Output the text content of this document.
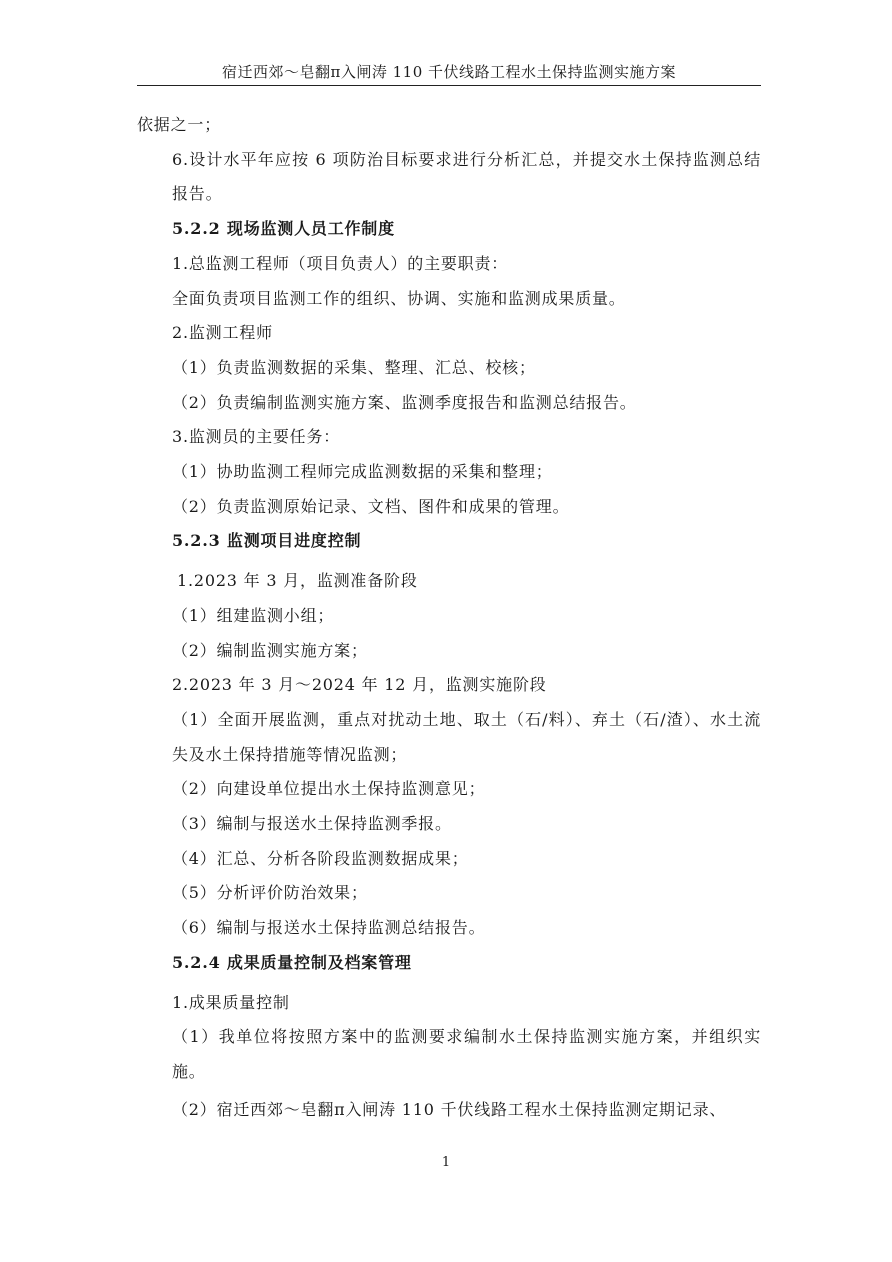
宿迁西郊～皂翻π入闸涛 110 千伏线路工程水土保持监测实施方案

依据之一；

6.设计水平年应按 6 项防治目标要求进行分析汇总，并提交水土保持监测总结报告。

5.2.2 现场监测人员工作制度

1.总监测工程师（项目负责人）的主要职责：

全面负责项目监测工作的组织、协调、实施和监测成果质量。

2.监测工程师

（1）负责监测数据的采集、整理、汇总、校核；

（2）负责编制监测实施方案、监测季度报告和监测总结报告。

3.监测员的主要任务：

（1）协助监测工程师完成监测数据的采集和整理；

（2）负责监测原始记录、文档、图件和成果的管理。

5.2.3 监测项目进度控制

1.2023 年 3 月，监测准备阶段

（1）组建监测小组；

（2）编制监测实施方案；

2.2023 年 3 月～2024 年 12 月，监测实施阶段

（1）全面开展监测，重点对扰动土地、取土（石/料）、弃土（石/渣）、水土流失及水土保持措施等情况监测；

（2）向建设单位提出水土保持监测意见；

（3）编制与报送水土保持监测季报。

（4）汇总、分析各阶段监测数据成果；

（5）分析评价防治效果；

（6）编制与报送水土保持监测总结报告。

5.2.4 成果质量控制及档案管理

1.成果质量控制

（1）我单位将按照方案中的监测要求编制水土保持监测实施方案，并组织实施。

（2）宿迁西郊～皂翻π入闸涛 110 千伏线路工程水土保持监测定期记录、

1
